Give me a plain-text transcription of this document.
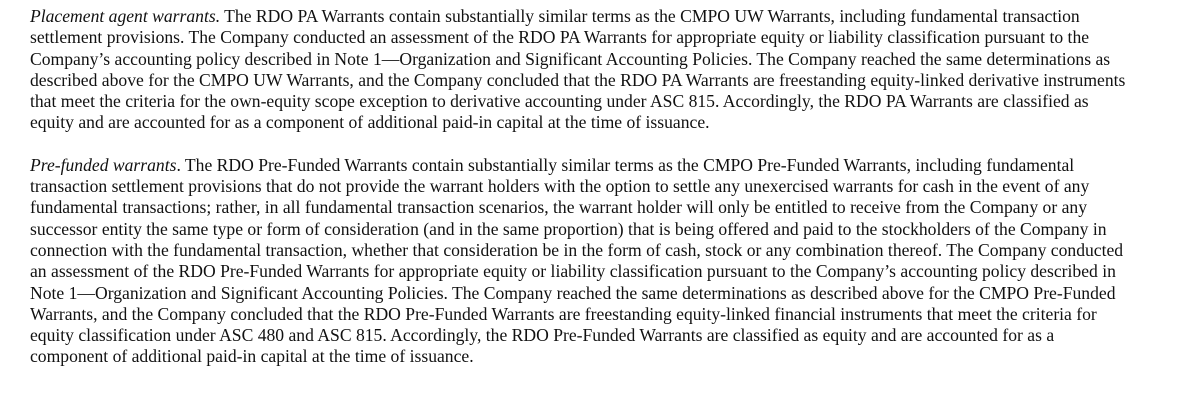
Placement agent warrants. The RDO PA Warrants contain substantially similar terms as the CMPO UW Warrants, including fundamental transaction
settlement provisions. The Company conducted an assessment of the RDO PA Warrants for appropriate equity or liability classification pursuant to the
Company’s accounting policy described in Note 1—Organization and Significant Accounting Policies. The Company reached the same determinations as
described above for the CMPO UW Warrants, and the Company concluded that the RDO PA Warrants are freestanding equity-linked derivative instruments
that meet the criteria for the own-equity scope exception to derivative accounting under ASC 815. Accordingly, the RDO PA Warrants are classified as
equity and are accounted for as a component of additional paid-in capital at the time of issuance.

Pre-funded warrants. The RDO Pre-Funded Warrants contain substantially similar terms as the CMPO Pre-Funded Warrants, including fundamental
transaction settlement provisions that do not provide the warrant holders with the option to settle any unexercised warrants for cash in the event of any
fundamental transactions; rather, in all fundamental transaction scenarios, the warrant holder will only be entitled to receive from the Company or any
successor entity the same type or form of consideration (and in the same proportion) that is being offered and paid to the stockholders of the Company in
connection with the fundamental transaction, whether that consideration be in the form of cash, stock or any combination thereof. The Company conducted
an assessment of the RDO Pre-Funded Warrants for appropriate equity or liability classification pursuant to the Company’s accounting policy described in
Note 1—Organization and Significant Accounting Policies. The Company reached the same determinations as described above for the CMPO Pre-Funded
Warrants, and the Company concluded that the RDO Pre-Funded Warrants are freestanding equity-linked financial instruments that meet the criteria for
equity classification under ASC 480 and ASC 815. Accordingly, the RDO Pre-Funded Warrants are classified as equity and are accounted for as a
component of additional paid-in capital at the time of issuance.
